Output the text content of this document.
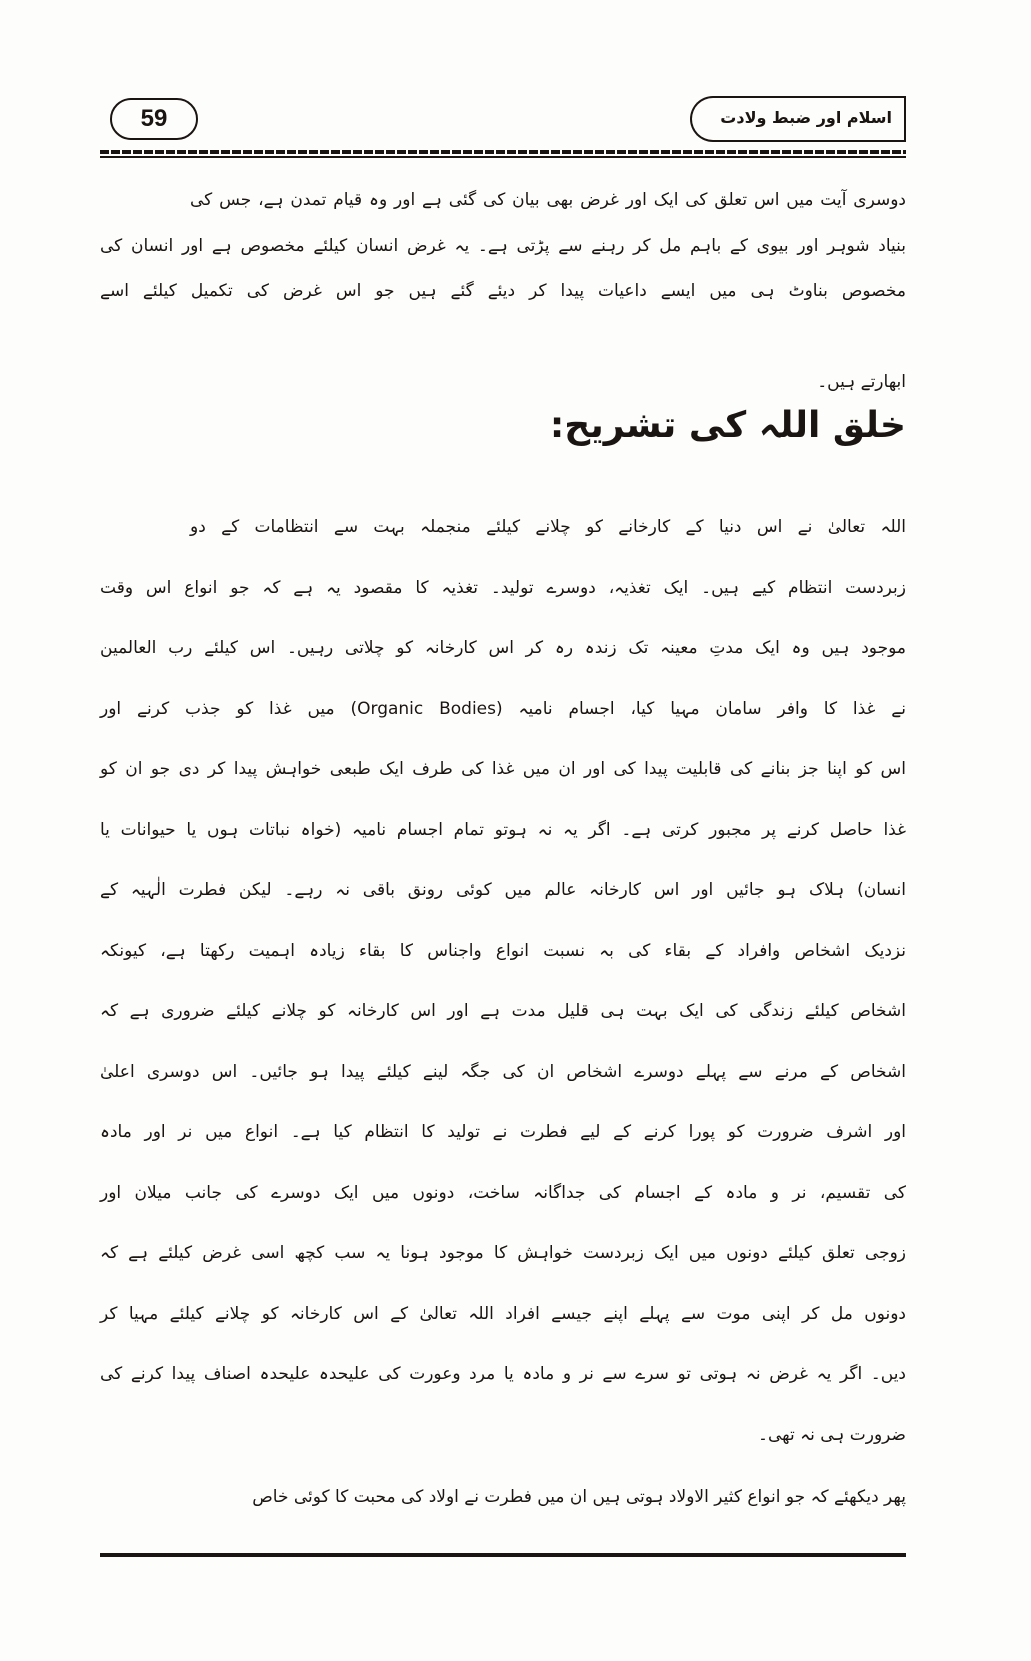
59	اسلام اور ضبط ولادت
دوسری آیت میں اس تعلق کی ایک اور غرض بھی بیان کی گئی ہے اور وہ قیام تمدن ہے، جس کی
بنیاد شوہر اور بیوی کے باہم مل کر رہنے سے پڑتی ہے۔ یہ غرض انسان کیلئے مخصوص ہے اور انسان کی
مخصوص بناوٹ ہی میں ایسے داعیات پیدا کر دیئے گئے ہیں جو اس غرض کی تکمیل کیلئے اسے
ابھارتے ہیں۔
خلق اللہ کی تشریح:
اللہ تعالیٰ نے اس دنیا کے کارخانے کو چلانے کیلئے منجملہ بہت سے انتظامات کے دو
زبردست انتظام کیے ہیں۔ ایک تغذیہ، دوسرے تولید۔ تغذیہ کا مقصود یہ ہے کہ جو انواع اس وقت
موجود ہیں وہ ایک مدتِ معینہ تک زندہ رہ کر اس کارخانہ کو چلاتی رہیں۔ اس کیلئے رب العالمین
نے غذا کا وافر سامان مہیا کیا، اجسام نامیہ (Organic Bodies) میں غذا کو جذب کرنے اور
اس کو اپنا جز بنانے کی قابلیت پیدا کی اور ان میں غذا کی طرف ایک طبعی خواہش پیدا کر دی جو ان کو
غذا حاصل کرنے پر مجبور کرتی ہے۔ اگر یہ نہ ہوتو تمام اجسام نامیہ (خواہ نباتات ہوں یا حیوانات یا
انسان) ہلاک ہو جائیں اور اس کارخانہ عالم میں کوئی رونق باقی نہ رہے۔ لیکن فطرت الٰہیہ کے
نزدیک اشخاص وافراد کے بقاء کی بہ نسبت انواع واجناس کا بقاء زیادہ اہمیت رکھتا ہے، کیونکہ
اشخاص کیلئے زندگی کی ایک بہت ہی قلیل مدت ہے اور اس کارخانہ کو چلانے کیلئے ضروری ہے کہ
اشخاص کے مرنے سے پہلے دوسرے اشخاص ان کی جگہ لینے کیلئے پیدا ہو جائیں۔ اس دوسری اعلیٰ
اور اشرف ضرورت کو پورا کرنے کے لیے فطرت نے تولید کا انتظام کیا ہے۔ انواع میں نر اور مادہ
کی تقسیم، نر و مادہ کے اجسام کی جداگانہ ساخت، دونوں میں ایک دوسرے کی جانب میلان اور
زوجی تعلق کیلئے دونوں میں ایک زبردست خواہش کا موجود ہونا یہ سب کچھ اسی غرض کیلئے ہے کہ
دونوں مل کر اپنی موت سے پہلے اپنے جیسے افراد اللہ تعالیٰ کے اس کارخانہ کو چلانے کیلئے مہیا کر
دیں۔ اگر یہ غرض نہ ہوتی تو سرے سے نر و مادہ یا مرد وعورت کی علیحدہ علیحدہ اصناف پیدا کرنے کی
ضرورت ہی نہ تھی۔
پھر دیکھئے کہ جو انواع کثیر الاولاد ہوتی ہیں ان میں فطرت نے اولاد کی محبت کا کوئی خاص
